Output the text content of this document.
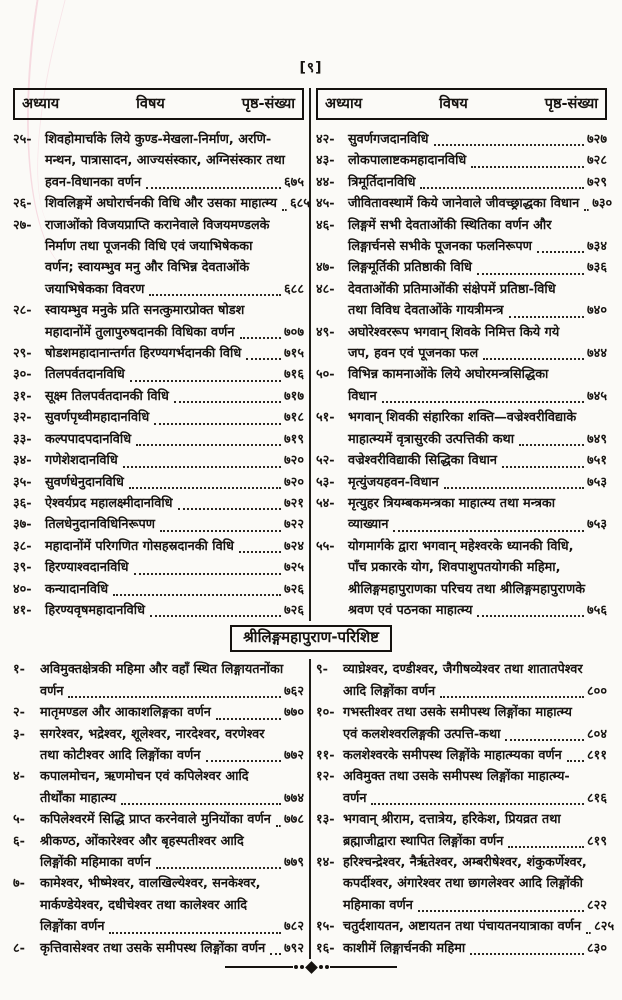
[९]
अध्याय	विषय	पृष्ठ-संख्या
२५- शिवहोमार्चाके लिये कुण्ड-मेखला-निर्माण, अरणि-
मन्थन, पात्रासादन, आज्यसंस्कार, अग्निसंस्कार तथा
हवन-विधानका वर्णन	६७५
२६- शिवलिङ्गमें अघोरार्चनकी विधि और उसका माहात्म्य ६८५
२७- राजाओंको विजयप्राप्ति करानेवाले विजयमण्डलके
निर्माण तथा पूजनकी विधि एवं जयाभिषेकका
वर्णन; स्वायम्भुव मनु और विभिन्न देवताओंके
जयाभिषेकका विवरण	६८८
२८- स्वायम्भुव मनुके प्रति सनत्कुमारप्रोक्त षोडश
महादानोंमें तुलापुरुषदानकी विधिका वर्णन	७०७
२९- षोडशमहादानान्तर्गत हिरण्यगर्भदानकी विधि	७१५
३०- तिलपर्वतदानविधि	७१६
३१- सूक्ष्म तिलपर्वतदानकी विधि	७१७
३२- सुवर्णपृथ्वीमहादानविधि	७१८
३३- कल्पपादपदानविधि	७१९
३४- गणेशेशदानविधि	७२०
३५- सुवर्णधेनुदानविधि	७२०
३६- ऐश्वर्यप्रद महालक्ष्मीदानविधि	७२१
३७- तिलधेनुदानविधिनिरूपण	७२२
३८- महादानोंमें परिगणित गोसहस्रदानकी विधि	७२४
३९- हिरण्याश्वदानविधि	७२५
४०- कन्यादानविधि	७२६
४१- हिरण्यवृषमहादानविधि	७२६
अध्याय	विषय	पृष्ठ-संख्या
४२- सुवर्णगजदानविधि	७२७
४३- लोकपालाष्टकमहादानविधि	७२८
४४- त्रिमूर्तिदानविधि	७२९
४५- जीवितावस्थामें किये जानेवाले जीवच्छ्राद्धका विधान ७३०
४६- लिङ्गमें सभी देवताओंकी स्थितिका वर्णन और
लिङ्गार्चनसे सभीके पूजनका फलनिरूपण	७३४
४७- लिङ्गमूर्तिकी प्रतिष्ठाकी विधि	७३६
४८- देवताओंकी प्रतिमाओंकी संक्षेपमें प्रतिष्ठा-विधि
तथा विविध देवताओंके गायत्रीमन्त्र	७४०
४९- अघोरेश्वररूप भगवान् शिवके निमित्त किये गये
जप, हवन एवं पूजनका फल	७४४
५०- विभिन्न कामनाओंके लिये अघोरमन्त्रसिद्धिका
विधान	७४५
५१- भगवान् शिवकी संहारिका शक्ति—वज्रेश्वरीविद्याके
माहात्म्यमें वृत्रासुरकी उत्पत्तिकी कथा	७४९
५२- वज्रेश्वरीविद्याकी सिद्धिका विधान	७५१
५३- मृत्युंजयहवन-विधान	७५३
५४- मृत्युहर त्रियम्बकमन्त्रका माहात्म्य तथा मन्त्रका
व्याख्यान	७५३
५५- योगमार्गके द्वारा भगवान् महेश्वरके ध्यानकी विधि,
पाँच प्रकारके योग, शिवपाशुपतयोगकी महिमा,
श्रीलिङ्गमहापुराणका परिचय तथा श्रीलिङ्गमहापुराणके
श्रवण एवं पठनका माहात्म्य	७५६
श्रीलिङ्गमहापुराण-परिशिष्ट
१- अविमुक्तक्षेत्रकी महिमा और वहाँ स्थित लिङ्गायतनोंका
वर्णन	७६२
२- मातृमण्डल और आकाशलिङ्गका वर्णन	७७०
३- सगरेश्वर, भद्रेश्वर, शूलेश्वर, नारदेश्वर, वरणेश्वर
तथा कोटीश्वर आदि लिङ्गोंका वर्णन	७७२
४- कपालमोचन, ऋणमोचन एवं कपिलेश्वर आदि
तीर्थोंका माहात्म्य	७७४
५- कपिलेश्वरमें सिद्धि प्राप्त करनेवाले मुनियोंका वर्णन ७७८
६- श्रीकण्ठ, ओंकारेश्वर और बृहस्पतीश्वर आदि
लिङ्गोंकी महिमाका वर्णन	७७९
७- कामेश्वर, भीष्मेश्वर, वालखिल्येश्वर, सनकेश्वर,
मार्कण्डेयेश्वर, दधीचेश्वर तथा कालेश्वर आदि
लिङ्गोंका वर्णन	७८२
८- कृत्तिवासेश्वर तथा उसके समीपस्थ लिङ्गोंका वर्णन ७९२
९- व्याघ्रेश्वर, दण्डीश्वर, जैगीषव्येश्वर तथा शातातपेश्वर
आदि लिङ्गोंका वर्णन	८००
१०- गभस्तीश्वर तथा उसके समीपस्थ लिङ्गोंका माहात्म्य
एवं कलशेश्वरलिङ्गकी उत्पत्ति-कथा	८०४
११- कलशेश्वरके समीपस्थ लिङ्गोंके माहात्म्यका वर्णन ८११
१२- अविमुक्त तथा उसके समीपस्थ लिङ्गोंका माहात्म्य-
वर्णन	८१६
१३- भगवान् श्रीराम, दत्तात्रेय, हरिकेश, प्रियव्रत तथा
ब्रह्माजीद्वारा स्थापित लिङ्गोंका वर्णन	८१९
१४- हरिश्चन्द्रेश्वर, नैर्ऋतेश्वर, अम्बरीषेश्वर, शंकुकर्णेश्वर,
कपर्दीश्वर, अंगारेश्वर तथा छागलेश्वर आदि लिङ्गोंकी
महिमाका वर्णन	८२२
१५- चतुर्दशायतन, अष्टायतन तथा पंचायतनयात्राका वर्णन ८२५
१६- काशीमें लिङ्गार्चनकी महिमा	८३०
